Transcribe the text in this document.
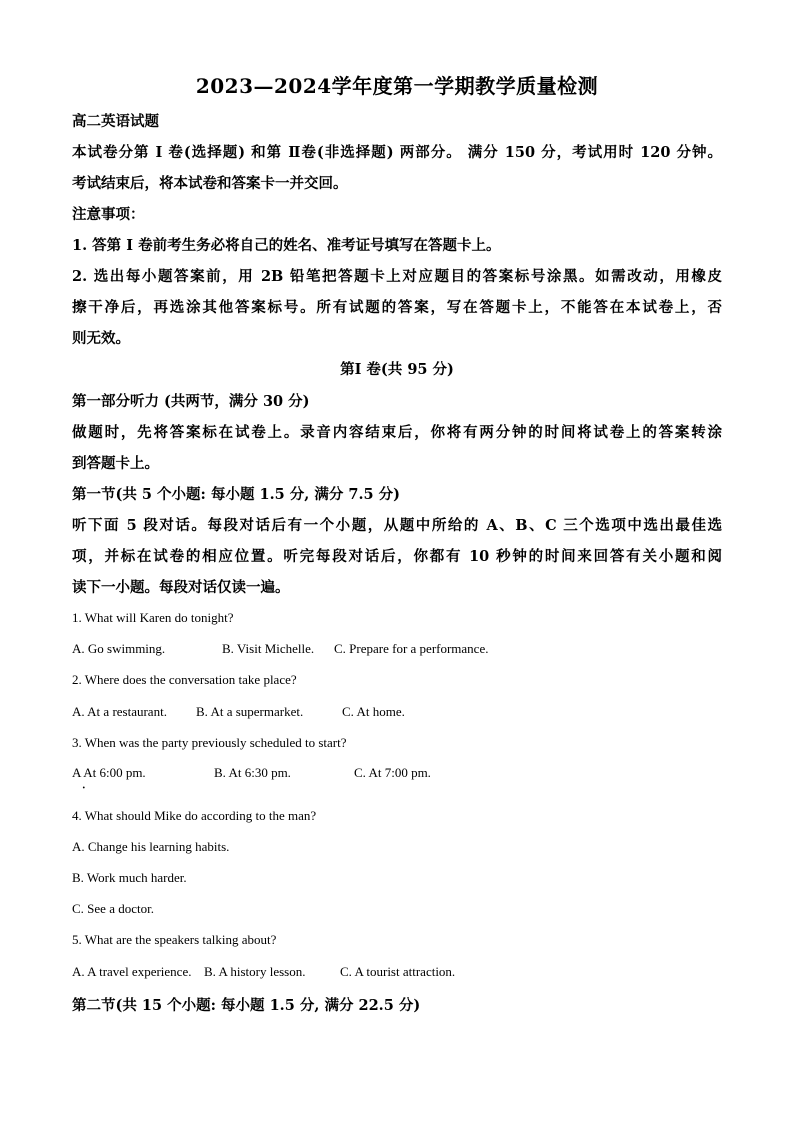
2023—2024学年度第一学期教学质量检测
高二英语试题
本试卷分第 I 卷(选择题) 和第 Ⅱ卷(非选择题) 两部分。 满分 150 分，考试用时 120 分钟。
考试结束后，将本试卷和答案卡一并交回。
注意事项：
1. 答第 I 卷前考生务必将自己的姓名、准考证号填写在答题卡上。
2. 选出每小题答案前，用 2B 铅笔把答题卡上对应题目的答案标号涂黑。如需改动，用橡皮
擦干净后，再选涂其他答案标号。所有试题的答案，写在答题卡上，不能答在本试卷上，否
则无效。
第Ⅰ 卷(共 95 分)
第一部分听力 (共两节，满分 30 分)
做题时，先将答案标在试卷上。录音内容结束后，你将有两分钟的时间将试卷上的答案转涂
到答题卡上。
第一节(共 5 个小题: 每小题 1.5 分, 满分 7.5 分)
听下面 5 段对话。每段对话后有一个小题，从题中所给的 A、B、C 三个选项中选出最佳选
项，并标在试卷的相应位置。听完每段对话后，你都有 10 秒钟的时间来回答有关小题和阅
读下一小题。每段对话仅读一遍。
1. What will Karen do tonight?
A. Go swimming.	B. Visit Michelle. C. Prepare for a performance.
2. Where does the conversation take place?
A. At a restaurant. B. At a supermarket.	C. At home.
3. When was the party previously scheduled to start?
A At 6:00 pm.	B. At 6:30 pm.	C. At 7:00 pm.
•
4. What should Mike do according to the man?
A. Change his learning habits.
B. Work much harder.
C. See a doctor.
5. What are the speakers talking about?
A. A travel experience. B. A history lesson.	C. A tourist attraction.
第二节(共 15 个小题: 每小题 1.5 分, 满分 22.5 分)
